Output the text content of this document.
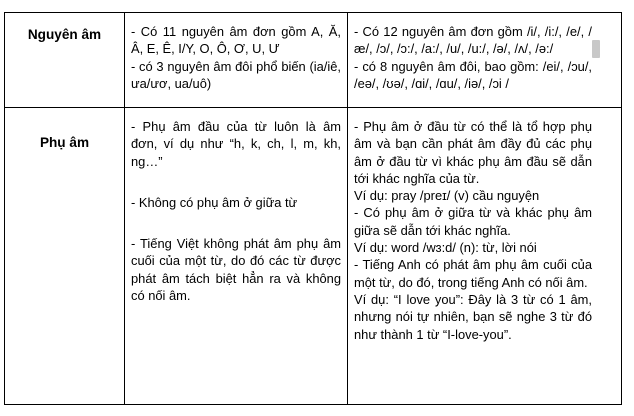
Nguyên âm	- Có 11 nguyên âm đơn gồm A, Ă, Â, E, Ê, I/Y, O, Ô, Ơ, U, Ư

- có 3 nguyên âm đôi phổ biến (ia/iê, ưa/ươ, ua/uô)

- Có 12 nguyên âm đơn gồm /i/, /i:/, /e/, /æ/, /ɔ/, /ɔ:/, /a:/, /u/, /u:/, /ə/, /ʌ/, /ə:/

- có 8 nguyên âm đôi, bao gồm: /ei/, /ɔu/, /eə/, /ʊə/, /ɑi/, /ɑu/, /iə/, /ɔi /

Phụ âm

- Phụ âm đầu của từ luôn là âm đơn, ví dụ như “h, k, ch, l, m, kh, ng…”

- Không có phụ âm ở giữa từ

- Tiếng Việt không phát âm phụ âm cuối của một từ, do đó các từ được phát âm tách biệt hẳn ra và không có nối âm.

- Phụ âm ở đầu từ có thể là tổ hợp phụ âm và bạn cần phát âm đầy đủ các phụ âm ở đầu từ vì khác phụ âm đầu sẽ dẫn tới khác nghĩa của từ.

Ví dụ: pray /preɪ/ (v) cầu nguyện

- Có phụ âm ở giữa từ và khác phụ âm giữa sẽ dẫn tới khác nghĩa.

Ví dụ: word /wɜ:d/ (n): từ, lời nói

- Tiếng Anh có phát âm phụ âm cuối của một từ, do đó, trong tiếng Anh có nối âm.

Ví dụ: “I love you”: Đây là 3 từ có 1 âm, nhưng nói tự nhiên, bạn sẽ nghe 3 từ đó như thành 1 từ “I-love-you”.
